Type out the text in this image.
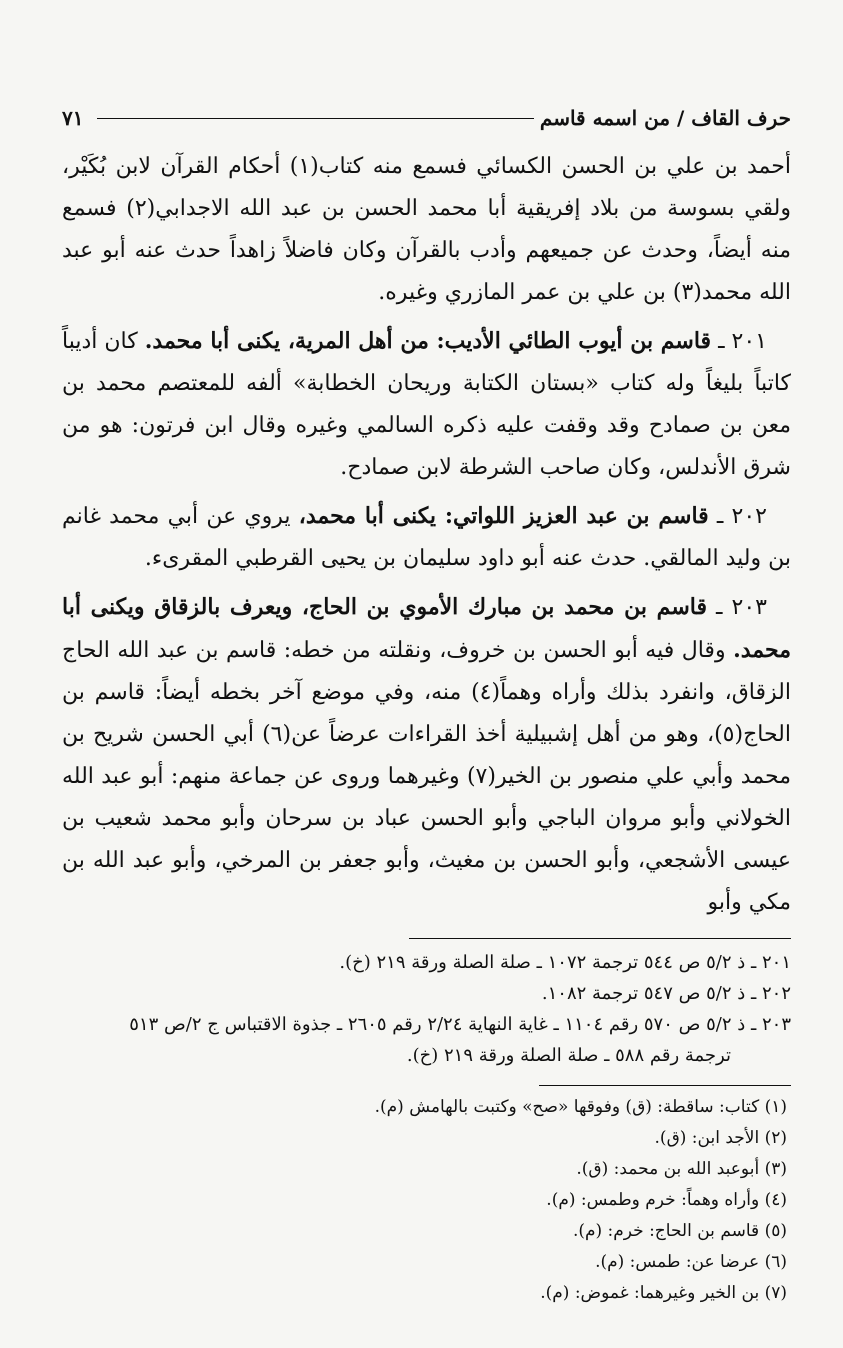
حرف القاف / من اسمه قاسم
٧١

أحمد بن علي بن الحسن الكسائي فسمع منه كتاب(١) أحكام القرآن لابن بُكَيْر، ولقي بسوسة من بلاد إفريقية أبا محمد الحسن بن عبد الله الاجدابي(٢) فسمع منه أيضاً، وحدث عن جميعهم وأدب بالقرآن وكان فاضلاً زاهداً حدث عنه أبو عبد الله محمد(٣) بن علي بن عمر المازري وغيره.

٢٠١ ـ قاسم بن أيوب الطائي الأديب: من أهل المرية، يكنى أبا محمد. كان أديباً كاتباً بليغاً وله كتاب «بستان الكتابة وريحان الخطابة» ألفه للمعتصم محمد بن معن بن صمادح وقد وقفت عليه ذكره السالمي وغيره وقال ابن فرتون: هو من شرق الأندلس، وكان صاحب الشرطة لابن صمادح.

٢٠٢ ـ قاسم بن عبد العزيز اللواتي: يكنى أبا محمد، يروي عن أبي محمد غانم بن وليد المالقي. حدث عنه أبو داود سليمان بن يحيى القرطبي المقرىء.

٢٠٣ ـ قاسم بن محمد بن مبارك الأموي بن الحاج، ويعرف بالزقاق ويكنى أبا محمد. وقال فيه أبو الحسن بن خروف، ونقلته من خطه: قاسم بن عبد الله الحاج الزقاق، وانفرد بذلك وأراه وهماً(٤) منه، وفي موضع آخر بخطه أيضاً: قاسم بن الحاج(٥)، وهو من أهل إشبيلية أخذ القراءات عرضاً عن(٦) أبي الحسن شريح بن محمد وأبي علي منصور بن الخير(٧) وغيرهما وروى عن جماعة منهم: أبو عبد الله الخولاني وأبو مروان الباجي وأبو الحسن عباد بن سرحان وأبو محمد شعيب بن عيسى الأشجعي، وأبو الحسن بن مغيث، وأبو جعفر بن المرخي، وأبو عبد الله بن مكي وأبو

٢٠١ ـ ذ ٥/٢ ص ٥٤٤ ترجمة ١٠٧٢ ـ صلة الصلة ورقة ٢١٩ (خ).

٢٠٢ ـ ذ ٥/٢ ص ٥٤٧ ترجمة ١٠٨٢.

٢٠٣ ـ ذ ٥/٢ ص ٥٧٠ رقم ١١٠٤ ـ غاية النهاية ٢/٢٤ رقم ٢٦٠٥ ـ جذوة الاقتباس ج ٢/ص ٥١٣

ترجمة رقم ٥٨٨ ـ صلة الصلة ورقة ٢١٩ (خ).

(١) كتاب: ساقطة: (ق) وفوقها «صح» وكتبت بالهامش (م).

(٢) الأجد ابن: (ق).

(٣) أبوعبد الله بن محمد: (ق).

(٤) وأراه وهماً: خرم وطمس: (م).

(٥) قاسم بن الحاج: خرم: (م).

(٦) عرضا عن: طمس: (م).

(٧) بن الخير وغيرهما: غموض: (م).
